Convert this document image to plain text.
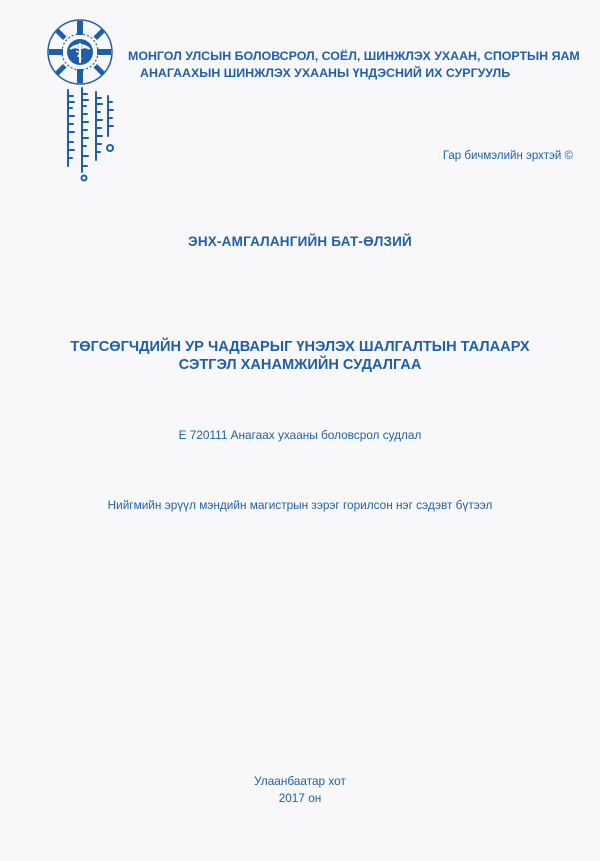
МОНГОЛ УЛСЫН БОЛОВСРОЛ, СОЁЛ, ШИНЖЛЭХ УХААН, СПОРТЫН ЯАМ
АНАГААХЫН ШИНЖЛЭХ УХААНЫ ҮНДЭСНИЙ ИХ СУРГУУЛЬ
Гар бичмэлийн эрхтэй ©
ЭНХ-АМГАЛАНГИЙН БАТ-ӨЛЗИЙ
ТӨГСӨГЧДИЙН УР ЧАДВАРЫГ ҮНЭЛЭХ ШАЛГАЛТЫН ТАЛААРХ
СЭТГЭЛ ХАНАМЖИЙН СУДАЛГАА
Е 720111 Анагаах ухааны боловсрол судлал
Нийгмийн эрүүл мэндийн магистрын зэрэг горилсон нэг сэдэвт бүтээл
Улаанбаатар хот
2017 он
